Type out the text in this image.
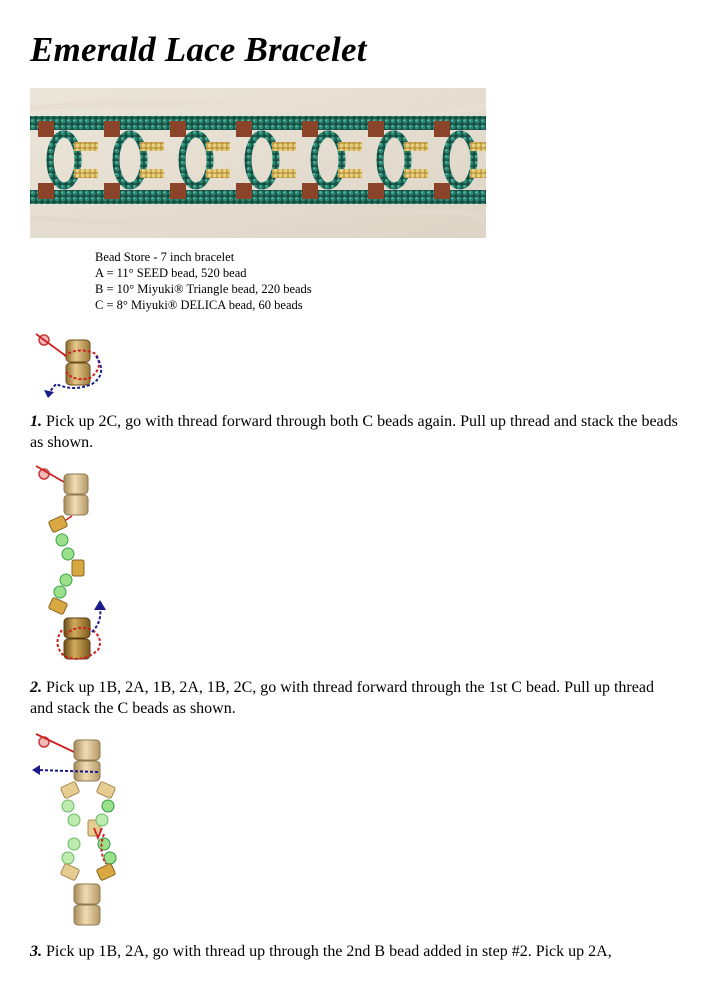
Emerald Lace Bracelet
Bead Store - 7 inch bracelet
A = 11° SEED bead, 520 bead
B = 10° Miyuki® Triangle bead, 220 beads
C = 8° Miyuki® DELICA bead, 60 beads
1. Pick up 2C, go with thread forward through both C beads again. Pull up thread and stack the beads as shown.
2. Pick up 1B, 2A, 1B, 2A, 1B, 2C, go with thread forward through the 1st C bead. Pull up thread and stack the C beads as shown.
3. Pick up 1B, 2A, go with thread up through the 2nd B bead added in step #2. Pick up 2A,
